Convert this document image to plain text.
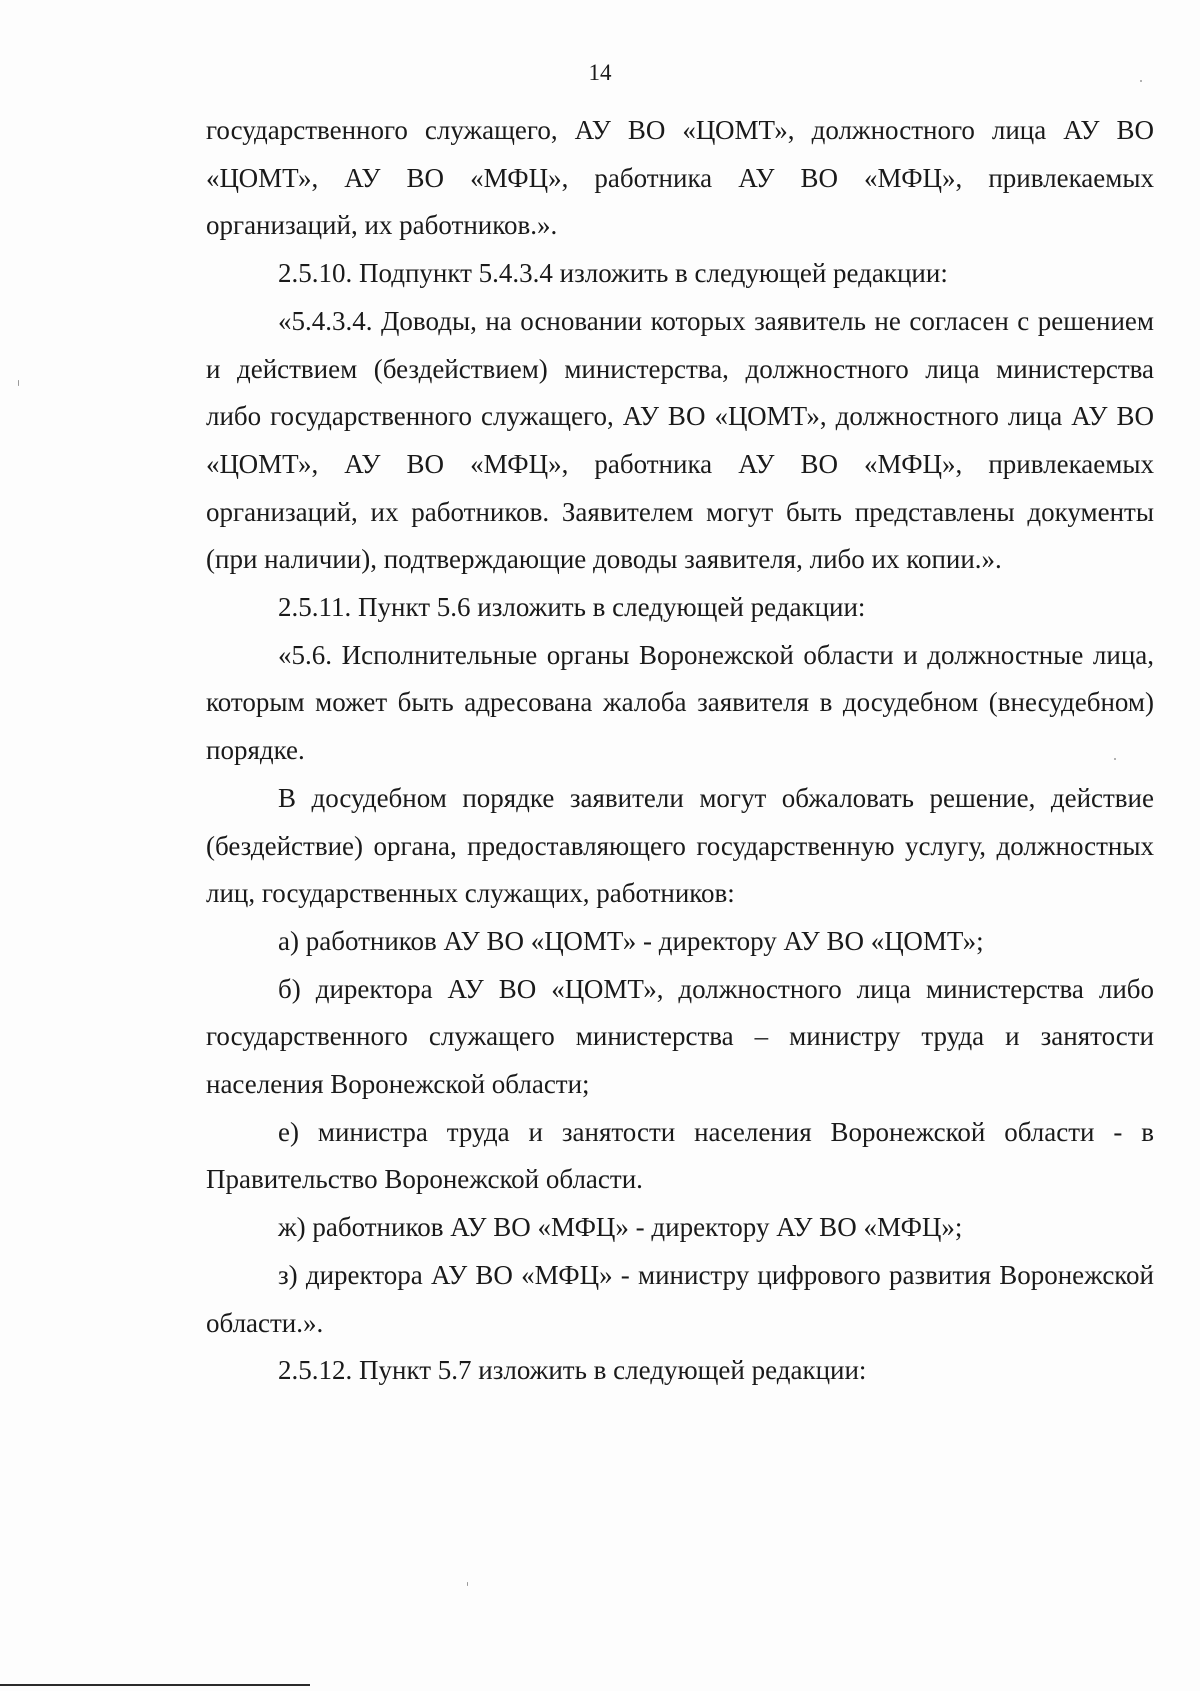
14

государственного служащего, АУ ВО «ЦОМТ», должностного лица АУ ВО «ЦОМТ», АУ ВО «МФЦ», работника АУ ВО «МФЦ», привлекаемых организаций, их работников.».

2.5.10. Подпункт 5.4.3.4 изложить в следующей редакции:

«5.4.3.4. Доводы, на основании которых заявитель не согласен с решением и действием (бездействием) министерства, должностного лица министерства либо государственного служащего, АУ ВО «ЦОМТ», должностного лица АУ ВО «ЦОМТ», АУ ВО «МФЦ», работника АУ ВО «МФЦ», привлекаемых организаций, их работников. Заявителем могут быть представлены документы (при наличии), подтверждающие доводы заявителя, либо их копии.».

2.5.11. Пункт 5.6 изложить в следующей редакции:

«5.6. Исполнительные органы Воронежской области и должностные лица, которым может быть адресована жалоба заявителя в досудебном (внесудебном) порядке.

В досудебном порядке заявители могут обжаловать решение, действие (бездействие) органа, предоставляющего государственную услугу, должностных лиц, государственных служащих, работников:

а) работников АУ ВО «ЦОМТ» - директору АУ ВО «ЦОМТ»;

б) директора АУ ВО «ЦОМТ», должностного лица министерства либо государственного служащего министерства – министру труда и занятости населения Воронежской области;

е) министра труда и занятости населения Воронежской области - в Правительство Воронежской области.

ж) работников АУ ВО «МФЦ» - директору АУ ВО «МФЦ»;

з) директора АУ ВО «МФЦ» - министру цифрового развития Воронежской области.».

2.5.12. Пункт 5.7 изложить в следующей редакции:
